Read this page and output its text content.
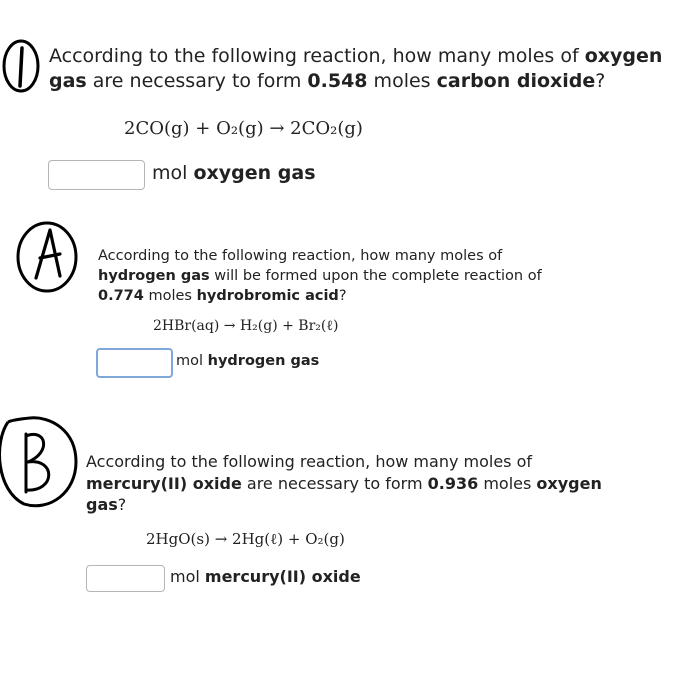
1
According to the following reaction, how many moles of oxygen gas are necessary to form 0.548 moles carbon dioxide?
2CO(g) + O₂(g) → 2CO₂(g)
mol oxygen gas
A
According to the following reaction, how many moles of hydrogen gas will be formed upon the complete reaction of 0.774 moles hydrobromic acid?
2HBr(aq) → H₂(g) + Br₂(ℓ)
mol hydrogen gas
B
According to the following reaction, how many moles of mercury(II) oxide are necessary to form 0.936 moles oxygen gas?
2HgO(s) → 2Hg(ℓ) + O₂(g)
mol mercury(II) oxide
